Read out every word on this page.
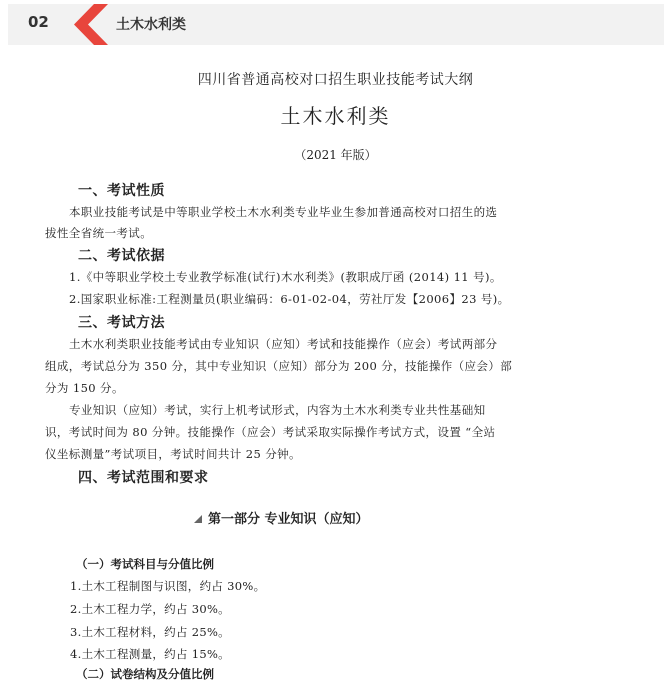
02	土木水利类
四川省普通高校对口招生职业技能考试大纲
土木水利类
（2021 年版）
一、考试性质
本职业技能考试是中等职业学校土木水利类专业毕业生参加普通高校对口招生的选
拔性全省统一考试。
二、考试依据
1.《中等职业学校土专业教学标准(试行)木水利类》(教职成厅函 (2014) 11 号)。
2.国家职业标准:工程测量员(职业编码：6-01-02-04，劳社厅发【2006】23 号)。
三、考试方法
土木水利类职业技能考试由专业知识（应知）考试和技能操作（应会）考试两部分
组成，考试总分为 350 分，其中专业知识（应知）部分为 200 分，技能操作（应会）部
分为 150 分。
专业知识（应知）考试，实行上机考试形式，内容为土木水利类专业共性基础知
识，考试时间为 80 分钟。技能操作（应会）考试采取实际操作考试方式，设置 “全站
仪坐标测量”考试项目，考试时间共计 25 分钟。
四、考试范围和要求
第一部分 专业知识（应知）
（一）考试科目与分值比例
1.土木工程制图与识图，约占 30%。
2.土木工程力学，约占 30%。
3.土木工程材料，约占 25%。
4.土木工程测量，约占 15%。
（二）试卷结构及分值比例
